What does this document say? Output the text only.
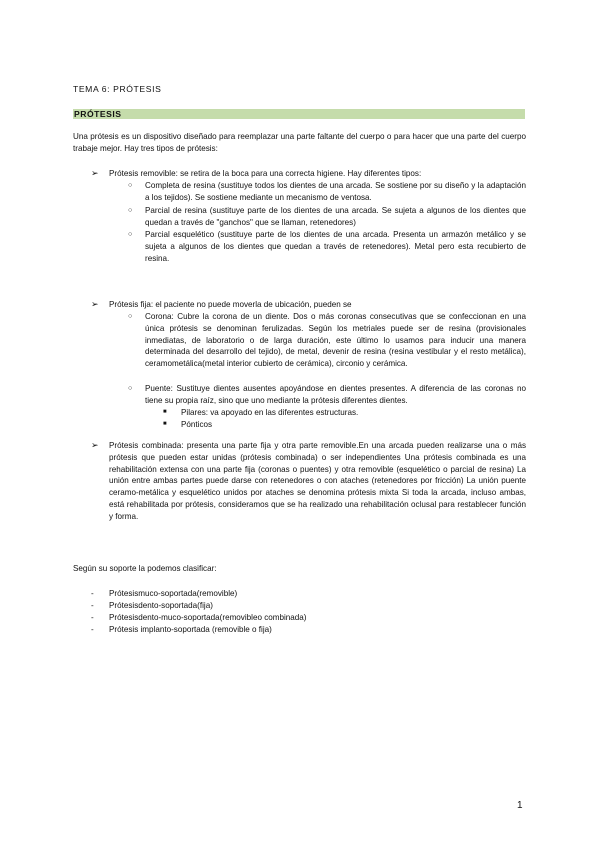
TEMA 6: PRÓTESIS
PRÓTESIS
Una prótesis es un dispositivo diseñado para reemplazar una parte faltante del cuerpo o para hacer que una parte del cuerpo trabaje mejor. Hay tres tipos de prótesis:
➢ Prótesis removible: se retira de la boca para una correcta higiene. Hay diferentes tipos:
○ Completa de resina (sustituye todos los dientes de una arcada. Se sostiene por su diseño y la adaptación a los tejidos). Se sostiene mediante un mecanismo de ventosa.
○ Parcial de resina (sustituye parte de los dientes de una arcada. Se sujeta a algunos de los dientes que quedan a través de "ganchos" que se llaman, retenedores)
○ Parcial esquelético (sustituye parte de los dientes de una arcada. Presenta un armazón metálico y se sujeta a algunos de los dientes que quedan a través de retenedores). Metal pero esta recubierto de resina.
➢ Prótesis fija: el paciente no puede moverla de ubicación, pueden se
○ Corona: Cubre la corona de un diente. Dos o más coronas consecutivas que se confeccionan en una única prótesis se denominan ferulizadas. Según los metriales puede ser de resina (provisionales inmediatas, de laboratorio o de larga duración, este último lo usamos para inducir una manera determinada del desarrollo del tejido), de metal, devenir de resina (resina vestibular y el resto metálica), ceramometálica(metal interior cubierto de cerámica), circonio y cerámica.
○ Puente: Sustituye dientes ausentes apoyándose en dientes presentes. A diferencia de las coronas no tiene su propia raíz, sino que uno mediante la prótesis diferentes dientes.
■ Pilares: va apoyado en las diferentes estructuras.
■ Pónticos
➢ Prótesis combinada: presenta una parte fija y otra parte removible.En una arcada pueden realizarse una o más prótesis que pueden estar unidas (prótesis combinada) o ser independientes Una prótesis combinada es una rehabilitación extensa con una parte fija (coronas o puentes) y otra removible (esquelético o parcial de resina) La unión entre ambas partes puede darse con retenedores o con ataches (retenedores por fricción) La unión puente ceramo-metálica y esquelético unidos por ataches se denomina prótesis mixta Si toda la arcada, incluso ambas, está rehabilitada por prótesis, consideramos que se ha realizado una rehabilitación oclusal para restablecer función y forma.
Según su soporte la podemos clasificar:
- Prótesismuco-soportada(removible)
- Prótesisdento-soportada(fija)
- Prótesisdento-muco-soportada(removibleo combinada)
- Prótesis implanto-soportada (removible o fija)
1
